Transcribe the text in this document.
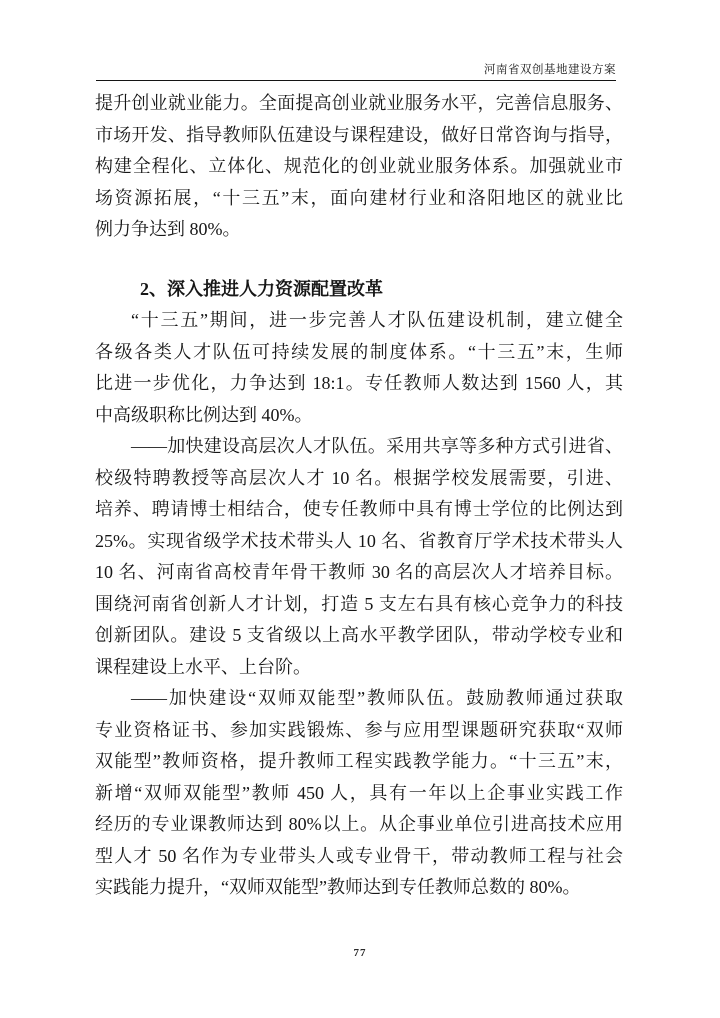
河南省双创基地建设方案
提升创业就业能力。全面提高创业就业服务水平，完善信息服务、
市场开发、指导教师队伍建设与课程建设，做好日常咨询与指导，
构建全程化、立体化、规范化的创业就业服务体系。加强就业市
场资源拓展，“十三五”末，面向建材行业和洛阳地区的就业比
例力争达到 80%。
2、深入推进人力资源配置改革
“十三五”期间，进一步完善人才队伍建设机制，建立健全
各级各类人才队伍可持续发展的制度体系。“十三五”末，生师
比进一步优化，力争达到 18:1。专任教师人数达到 1560 人，其
中高级职称比例达到 40%。
——加快建设高层次人才队伍。采用共享等多种方式引进省、
校级特聘教授等高层次人才 10 名。根据学校发展需要，引进、
培养、聘请博士相结合，使专任教师中具有博士学位的比例达到
25%。实现省级学术技术带头人 10 名、省教育厅学术技术带头人
10 名、河南省高校青年骨干教师 30 名的高层次人才培养目标。
围绕河南省创新人才计划，打造 5 支左右具有核心竞争力的科技
创新团队。建设 5 支省级以上高水平教学团队，带动学校专业和
课程建设上水平、上台阶。
——加快建设“双师双能型”教师队伍。鼓励教师通过获取
专业资格证书、参加实践锻炼、参与应用型课题研究获取“双师
双能型”教师资格，提升教师工程实践教学能力。“十三五”末，
新增“双师双能型”教师 450 人，具有一年以上企事业实践工作
经历的专业课教师达到 80%以上。从企事业单位引进高技术应用
型人才 50 名作为专业带头人或专业骨干，带动教师工程与社会
实践能力提升，“双师双能型”教师达到专任教师总数的 80%。
77
